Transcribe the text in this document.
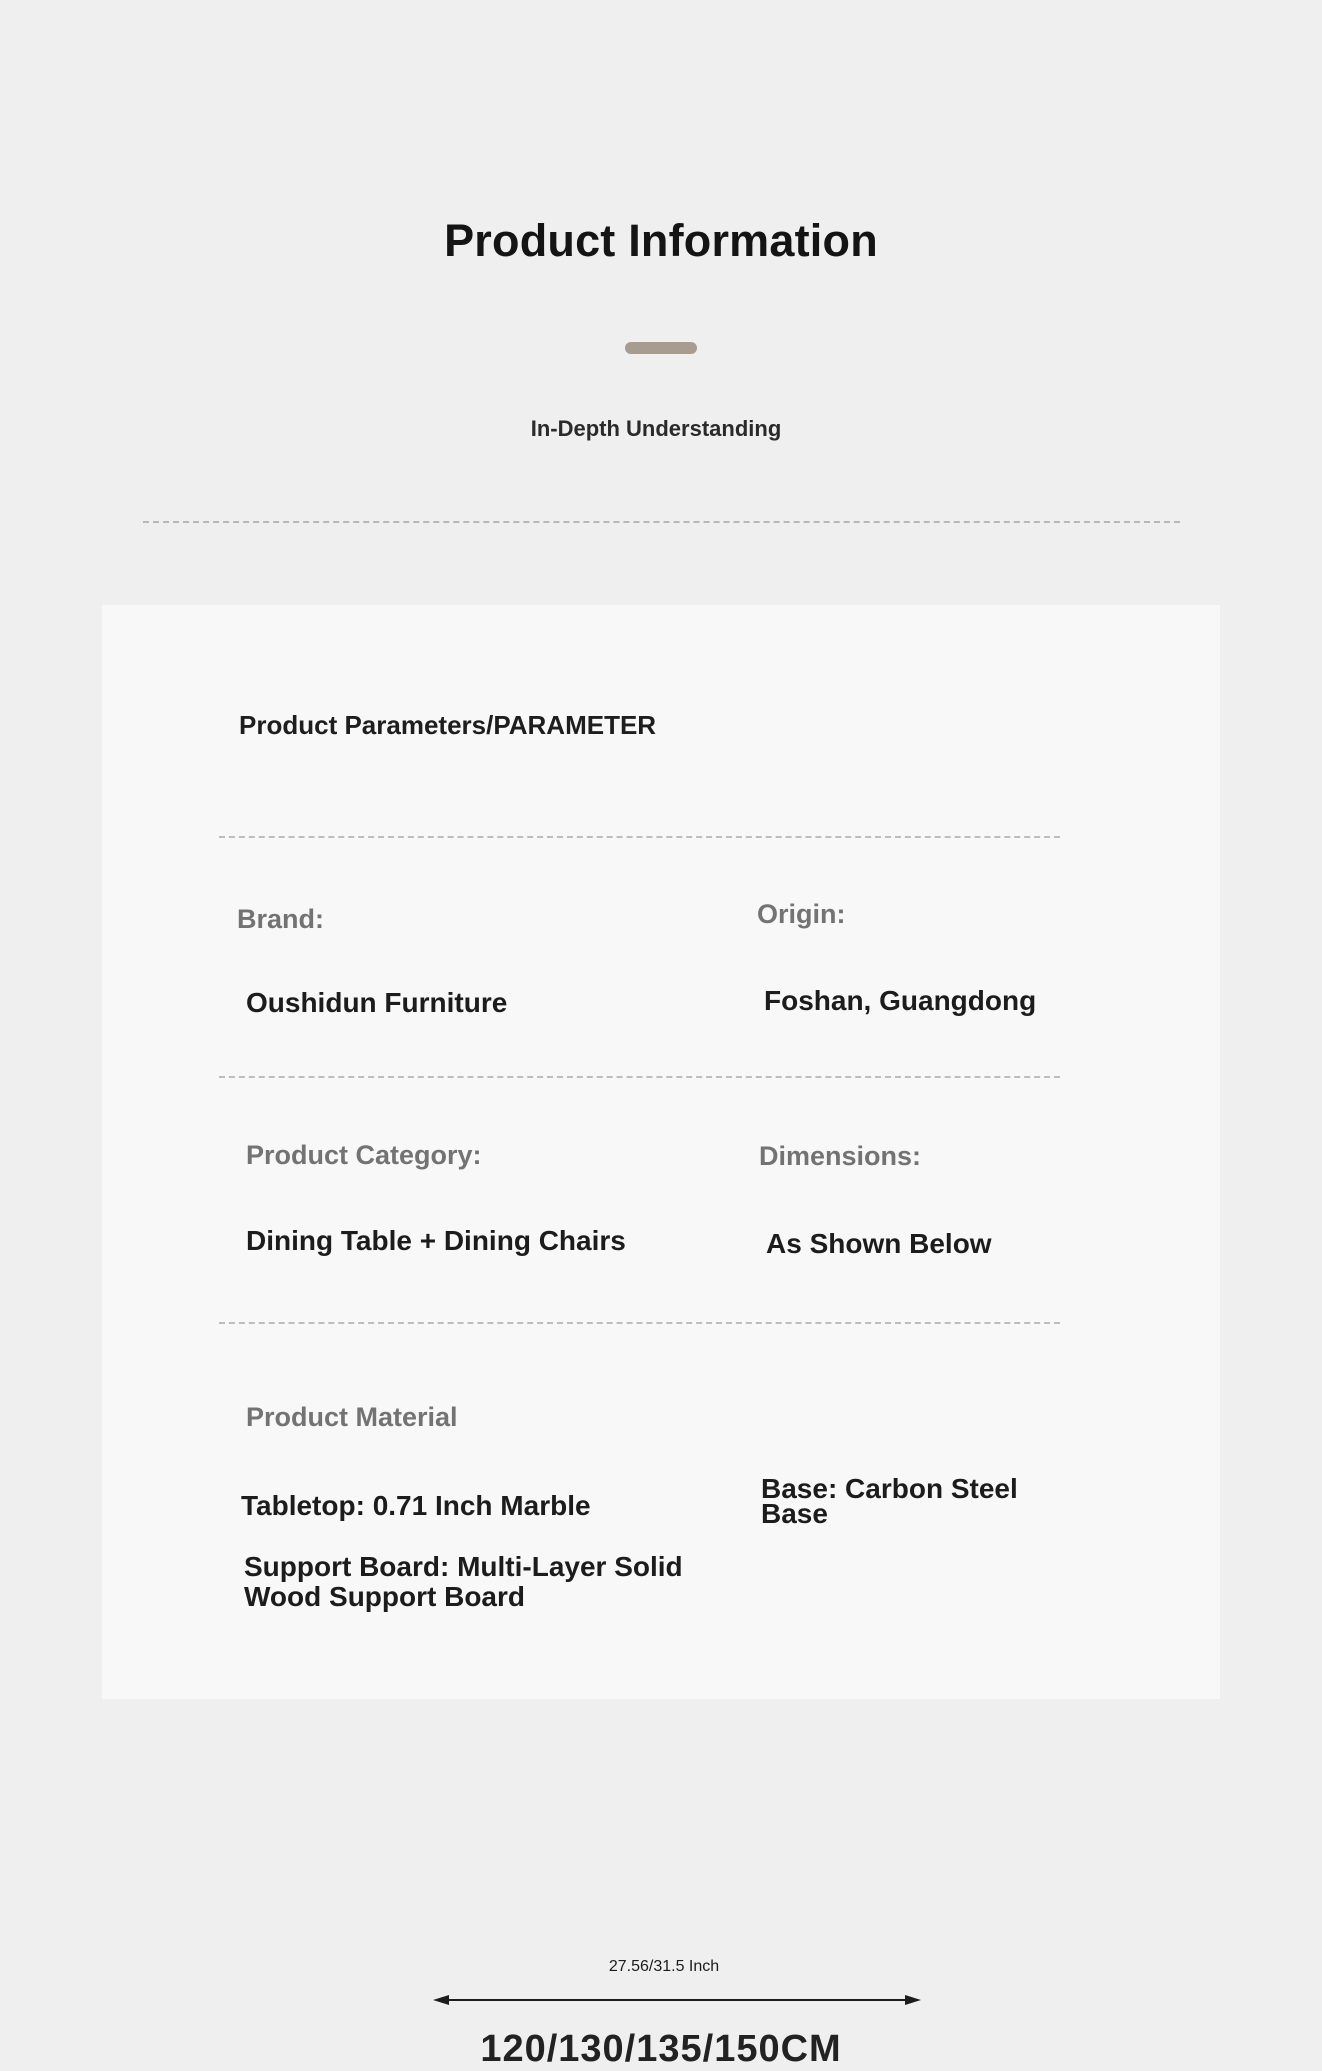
Product Information
In-Depth Understanding
Product Parameters/PARAMETER
Brand:
Oushidun Furniture
Origin:
Foshan, Guangdong
Product Category:
Dining Table + Dining Chairs
Dimensions:
As Shown Below
Product Material
Tabletop: 0.71 Inch Marble
Support Board: Multi-Layer Solid Wood Support Board
Base: Carbon Steel Base
27.56/31.5 Inch
120/130/135/150CM
